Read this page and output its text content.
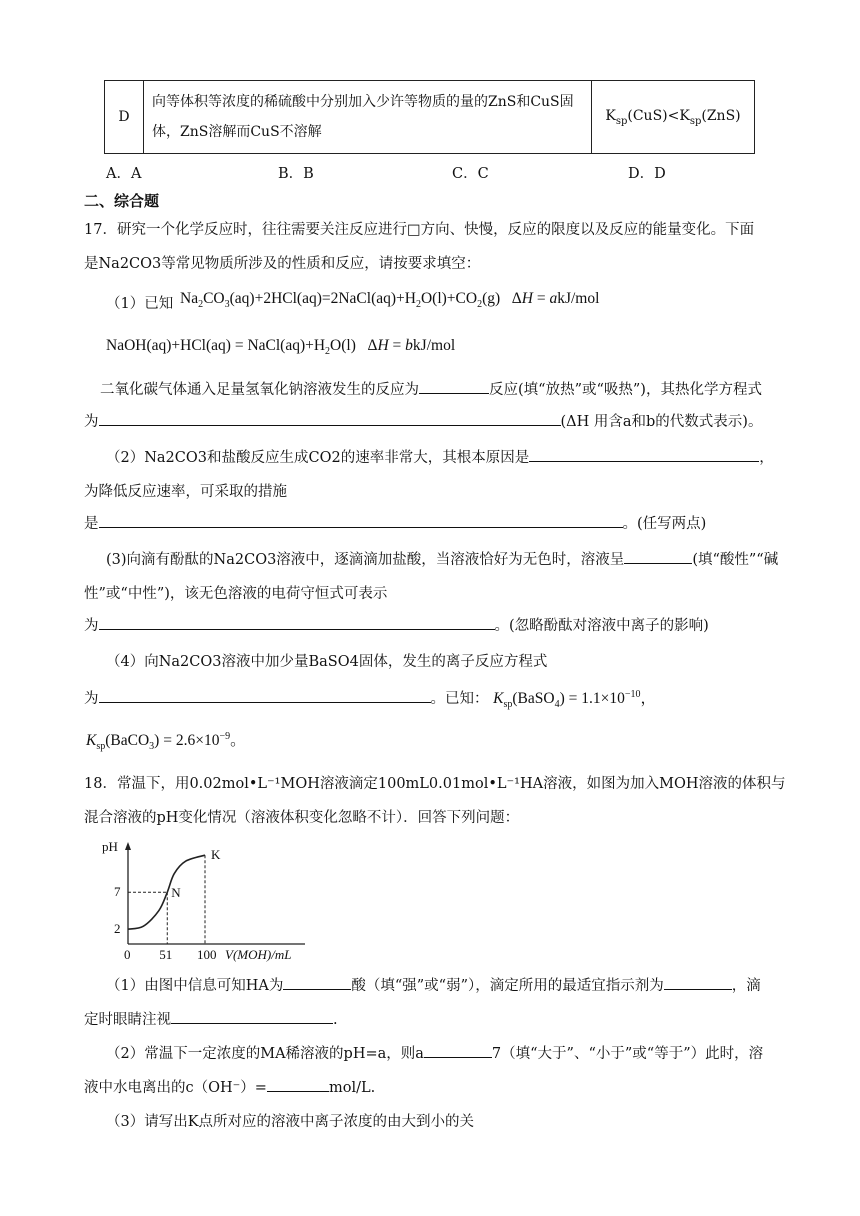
D	向等体积等浓度的稀硫酸中分别加入少许等物质的量的ZnS和CuS固体，ZnS溶解而CuS不溶解	$K_{sp}(CuS)<K_{sp}(ZnS)$
A．A	B．B	C．C	D．D
二、综合题
17．研究一个化学反应时，往往需要关注反应进行□方向、快慢，反应的限度以及反应的能量变化。下面
是Na2CO3等常见物质所涉及的性质和反应，请按要求填空：
（1）已知 $Na_2CO_3(aq)+2HCl(aq)=2NaCl(aq)+H_2O(l)+CO_2(g) \Delta H = akJ/mol$
NaOH(aq)+HCl(aq) = $NaCl(aq)+H_2O(l) \Delta H = bkJ/mol$
二氧化碳气体通入足量氢氧化钠溶液发生的反应为	反应(填“放热”或“吸热”)，其热化学方程式
为	(ΔH 用含a和b的代数式表示)。
（2）Na2CO3和盐酸反应生成CO2的速率非常大，其根本原因是	，
为降低反应速率，可采取的措施
是	。(任写两点)
(3)向滴有酚酞的Na2CO3溶液中，逐滴滴加盐酸，当溶液恰好为无色时，溶液呈	(填“酸性”“碱
性”或“中性”)，该无色溶液的电荷守恒式可表示
为	。(忽略酚酞对溶液中离子的影响)
（4）向Na2CO3溶液中加少量BaSO4固体，发生的离子反应方程式
为	。已知： $K_{sp}(BaSO_4) = 1.1\times 10^{-10}$，
$K_{sp}(BaCO_3) = 2.6\times 10^{-9}$。
18．常温下，用0.02mol•L⁻¹MOH溶液滴定100mL0.01mol•L⁻¹HA溶液，如图为加入MOH溶液的体积与
混合溶液的pH变化情况（溶液体积变化忽略不计）．回答下列问题：
pH
0 51 100 V(MOH)/mL
2
7	N
K
（1）由图中信息可知HA为	酸（填“强”或“弱”），滴定所用的最适宜指示剂为	，滴
定时眼睛注视	.
（2）常温下一定浓度的MA稀溶液的pH=a，则a	7（填“大于”、“小于”或“等于”）此时，溶
液中水电离出的c（OH⁻）=	mol/L.
（3）请写出K点所对应的溶液中离子浓度的由大到小的关
